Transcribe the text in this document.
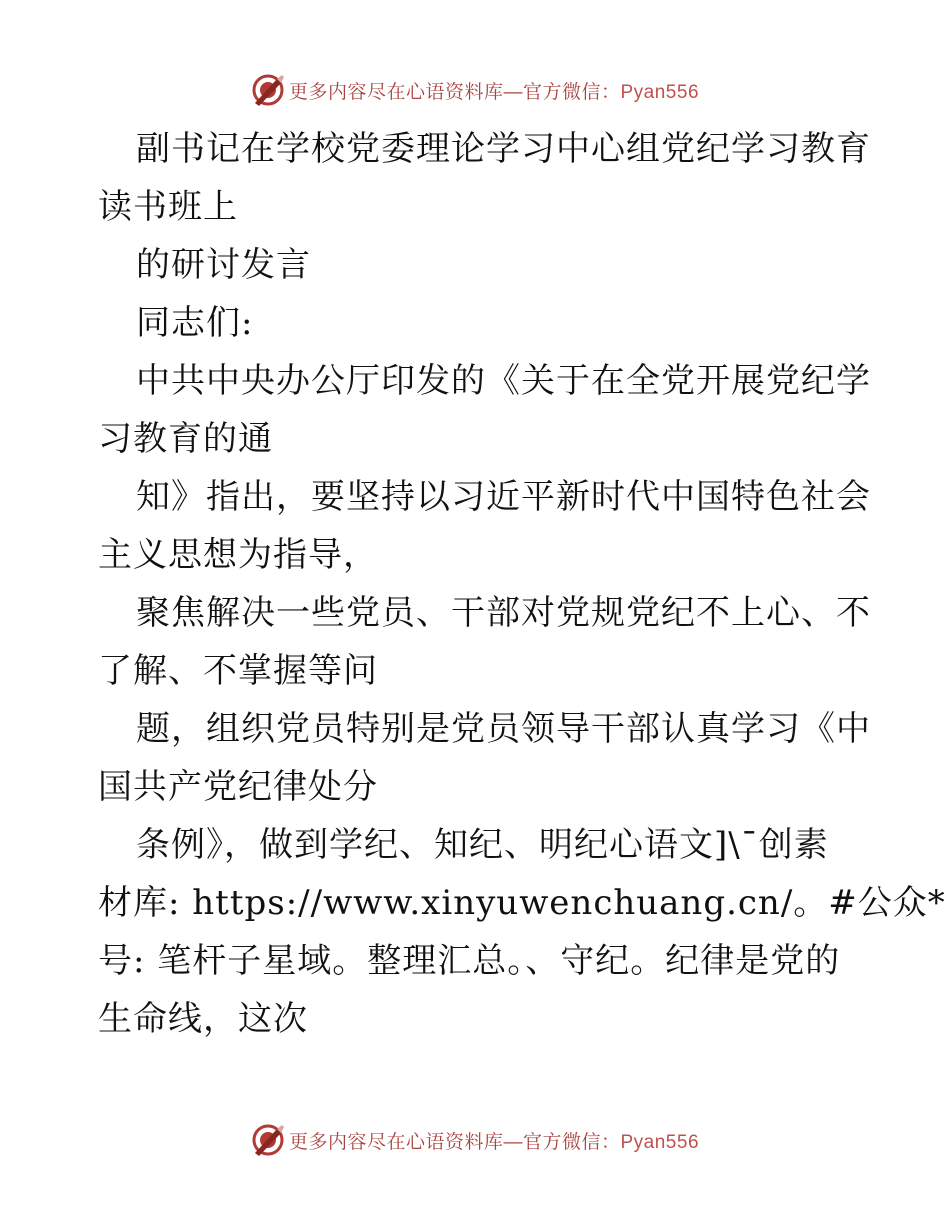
更多内容尽在心语资料库—官方微信：Pyan556
副书记在学校党委理论学习中心组党纪学习教育
读书班上
的研讨发言
同志们:
中共中央办公厅印发的《关于在全党开展党纪学
习教育的通
知》指出，要坚持以习近平新时代中国特色社会
主义思想为指导，
聚焦解决一些党员、干部对党规党纪不上心、不
了解、不掌握等问
题，组织党员特别是党员领导干部认真学习《中
国共产党纪律处分
条例》，做到学纪、知纪、明纪心语文]\¯创素
材库: https://www.xinyuwenchuang.cn/。#公众*
号: 笔杆子星域。整理汇总。、守纪。纪律是党的
生命线，这次
更多内容尽在心语资料库—官方微信：Pyan556
